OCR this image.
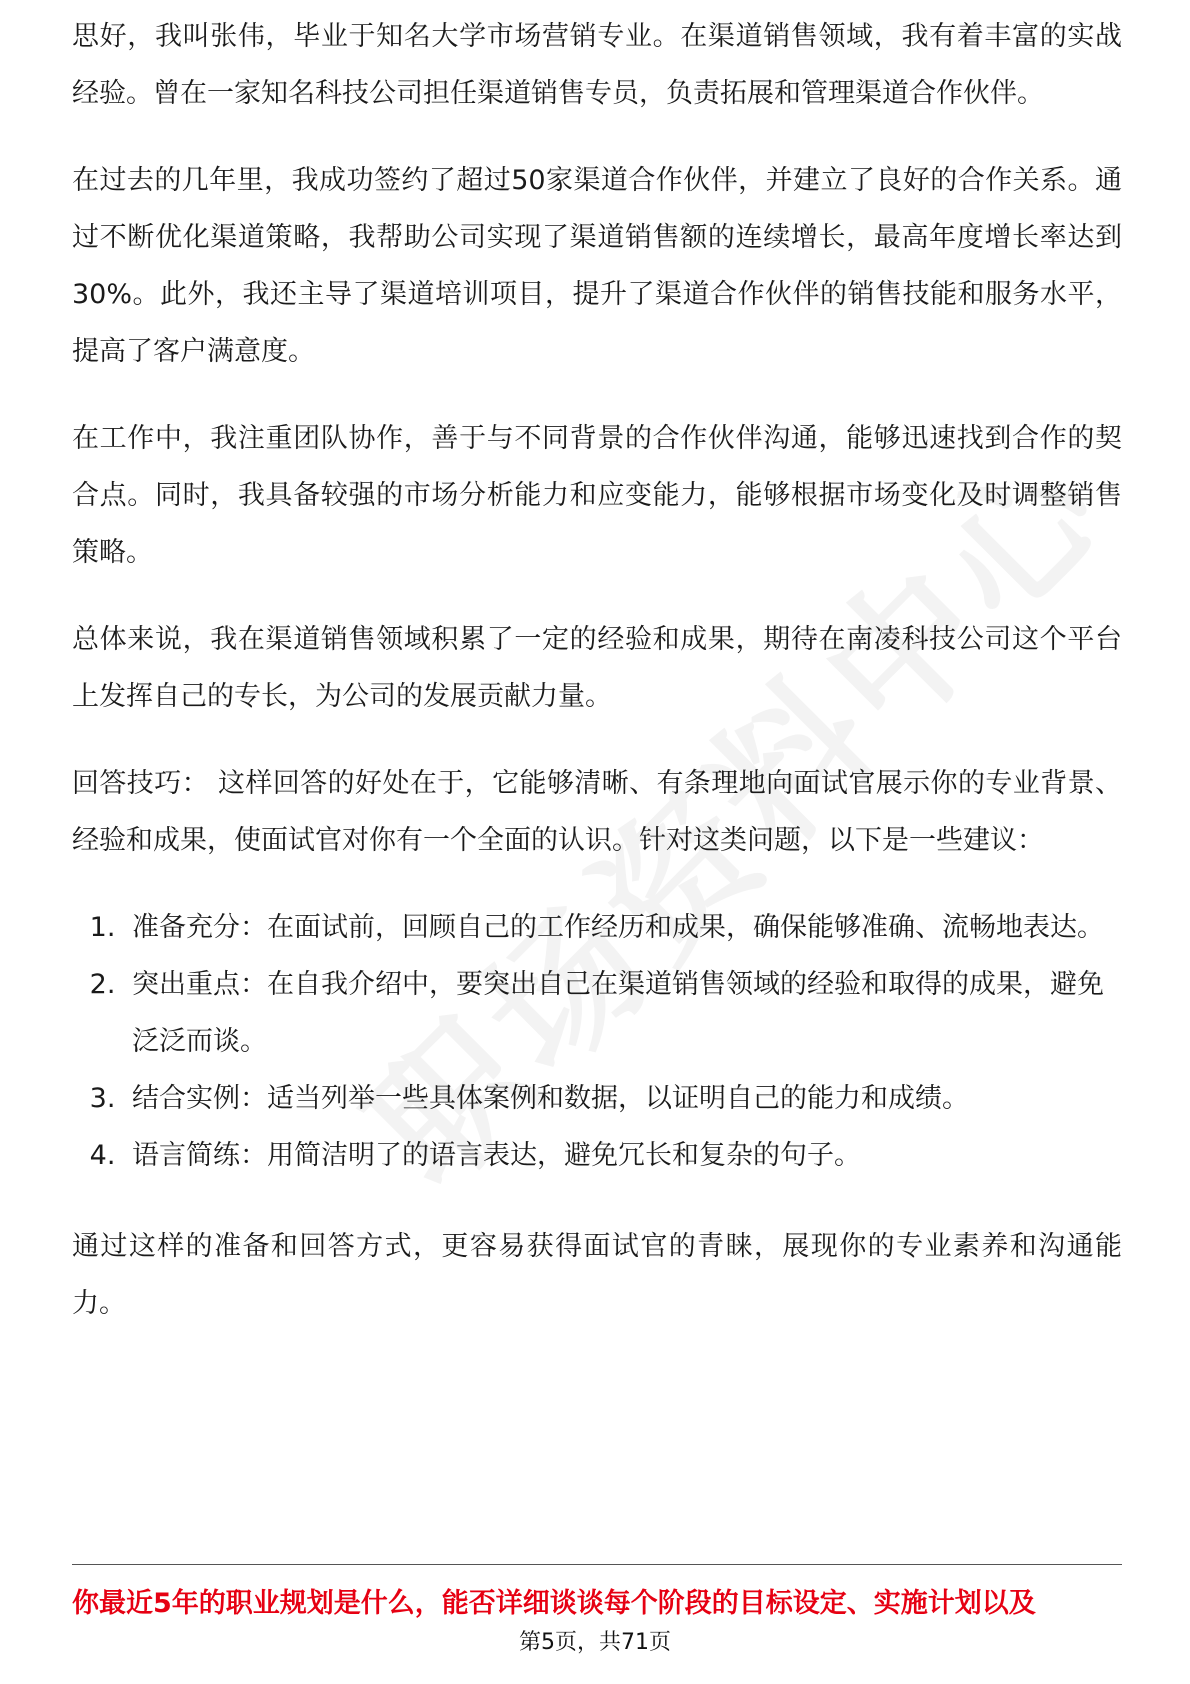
思好，我叫张伟，毕业于知名大学市场营销专业。在渠道销售领域，我有着丰富的实战经验。曾在一家知名科技公司担任渠道销售专员，负责拓展和管理渠道合作伙伴。

在过去的几年里，我成功签约了超过50家渠道合作伙伴，并建立了良好的合作关系。通过不断优化渠道策略，我帮助公司实现了渠道销售额的连续增长，最高年度增长率达到30%。此外，我还主导了渠道培训项目，提升了渠道合作伙伴的销售技能和服务水平，提高了客户满意度。

在工作中，我注重团队协作，善于与不同背景的合作伙伴沟通，能够迅速找到合作的契合点。同时，我具备较强的市场分析能力和应变能力，能够根据市场变化及时调整销售策略。

总体来说，我在渠道销售领域积累了一定的经验和成果，期待在南凌科技公司这个平台上发挥自己的专长，为公司的发展贡献力量。

回答技巧： 这样回答的好处在于，它能够清晰、有条理地向面试官展示你的专业背景、经验和成果，使面试官对你有一个全面的认识。针对这类问题，以下是一些建议：

1. 准备充分：在面试前，回顾自己的工作经历和成果，确保能够准确、流畅地表达。
2. 突出重点：在自我介绍中，要突出自己在渠道销售领域的经验和取得的成果，避免泛泛而谈。
3. 结合实例：适当列举一些具体案例和数据，以证明自己的能力和成绩。
4. 语言简练：用简洁明了的语言表达，避免冗长和复杂的句子。

通过这样的准备和回答方式，更容易获得面试官的青睐，展现你的专业素养和沟通能力。

你最近5年的职业规划是什么，能否详细谈谈每个阶段的目标设定、实施计划以及
第5页，共71页
